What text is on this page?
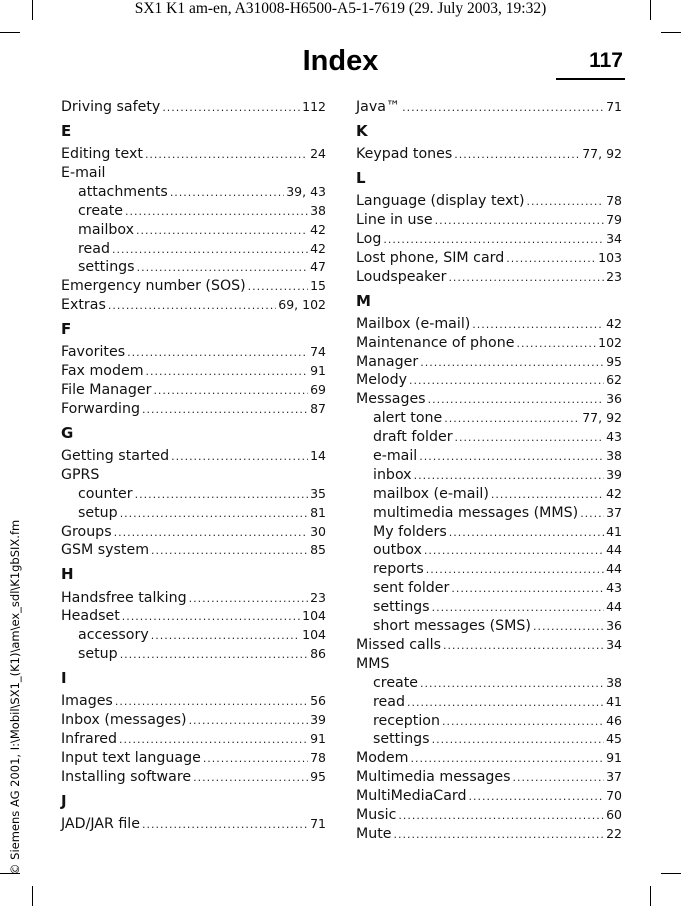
SX1 K1 am-en, A31008-H6500-A5-1-7619 (29. July 2003, 19:32)
Index	117
© Siemens AG 2001, I:\Mobil\SX1_(K1)\am\ex_sdl\K1gbSIX.fm
Driving safety .....	112
E
Editing text .....	24
E-mail
attachments .....	39, 43
create .....	38
mailbox .....	42
read .....	42
settings .....	47
Emergency number (SOS) .....	15
Extras .....	69, 102
F
Favorites .....	74
Fax modem .....	91
File Manager .....	69
Forwarding .....	87
G
Getting started .....	14
GPRS
counter .....	35
setup .....	81
Groups .....	30
GSM system .....	85
H
Handsfree talking .....	23
Headset .....	104
accessory .....	104
setup .....	86
I
Images .....	56
Inbox (messages) .....	39
Infrared .....	91
Input text language .....	78
Installing software .....	95
J
JAD/JAR file .....	71
Java™ .....	71
K
Keypad tones .....	77, 92
L
Language (display text) .....	78
Line in use .....	79
Log .....	34
Lost phone, SIM card .....	103
Loudspeaker .....	23
M
Mailbox (e-mail) .....	42
Maintenance of phone .....	102
Manager .....	95
Melody .....	62
Messages .....	36
alert tone .....	77, 92
draft folder .....	43
e-mail .....	38
inbox .....	39
mailbox (e-mail) .....	42
multimedia messages (MMS) ..... 37
My folders .....	41
outbox .....	44
reports .....	44
sent folder .....	43
settings .....	44
short messages (SMS) .....	36
Missed calls .....	34
MMS
create .....	38
read .....	41
reception .....	46
settings .....	45
Modem .....	91
Multimedia messages .....	37
MultiMediaCard .....	70
Music .....	60
Mute .....	22
